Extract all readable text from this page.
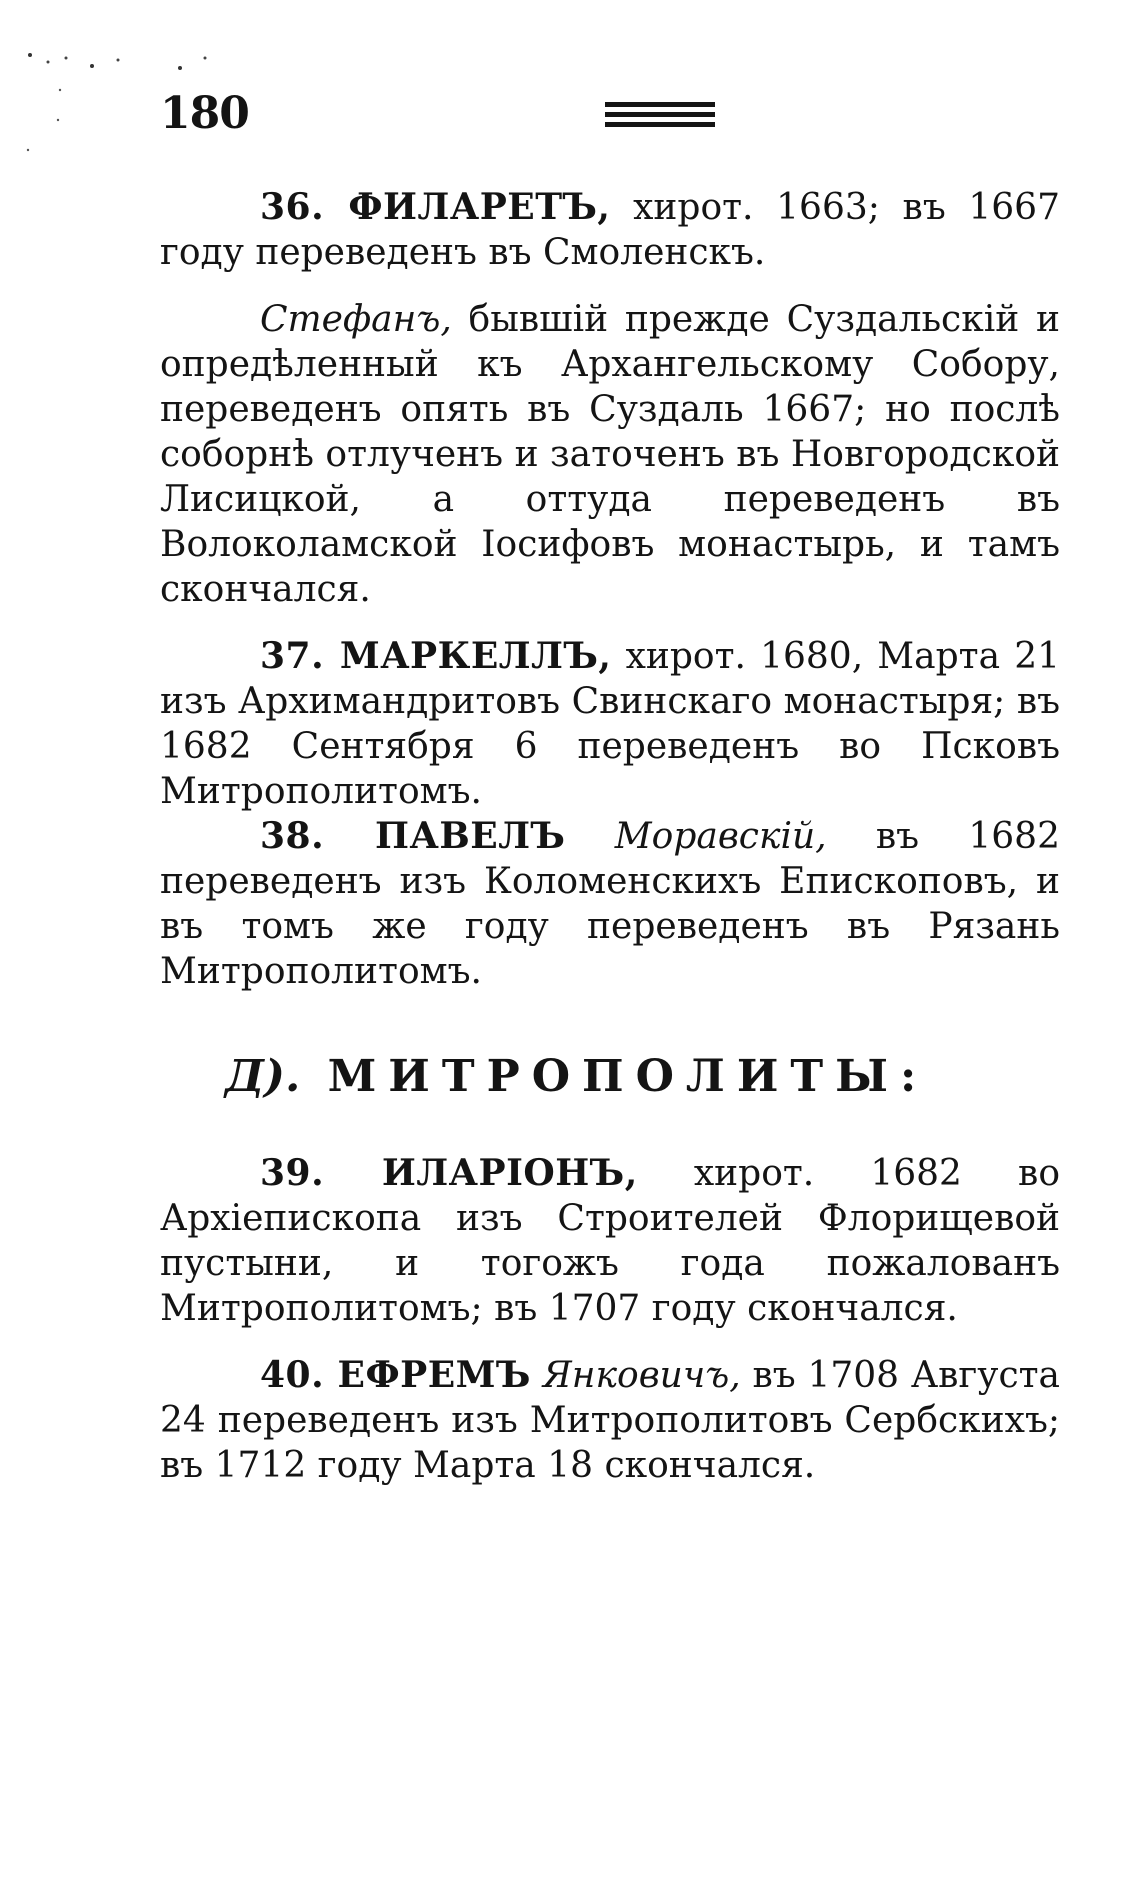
180

36. ФИЛАРЕТЪ, хирот. 1663; въ 1667 году переведенъ въ Смоленскъ.

Стефанъ, бывшій прежде Суздальскій и опредѣленный къ Архангельскому Собору, переведенъ опять въ Суздаль 1667; но послѣ соборнѣ отлученъ и заточенъ въ Новгородской Лисицкой, а оттуда переведенъ въ Волоколамской Іосифовъ монастырь, и тамъ скончался.

37. МАРКЕЛЛЪ, хирот. 1680, Марта 21 изъ Архимандритовъ Свинскаго монастыря; въ 1682 Сентября 6 переведенъ во Псковъ Митрополитомъ.

38. ПАВЕЛЪ Моравскій, въ 1682 переведенъ изъ Коломенскихъ Епископовъ, и въ томъ же году переведенъ въ Рязань Митрополитомъ.

Д). МИТРОПОЛИТЫ:

39. ИЛАРІОНЪ, хирот. 1682 во Архіепископа изъ Строителей Флорищевой пустыни, и тогожъ года пожалованъ Митрополитомъ; въ 1707 году скончался.

40. ЕФРЕМЪ Янковичъ, въ 1708 Августа 24 переведенъ изъ Митрополитовъ Сербскихъ; въ 1712 году Марта 18 скончался.
